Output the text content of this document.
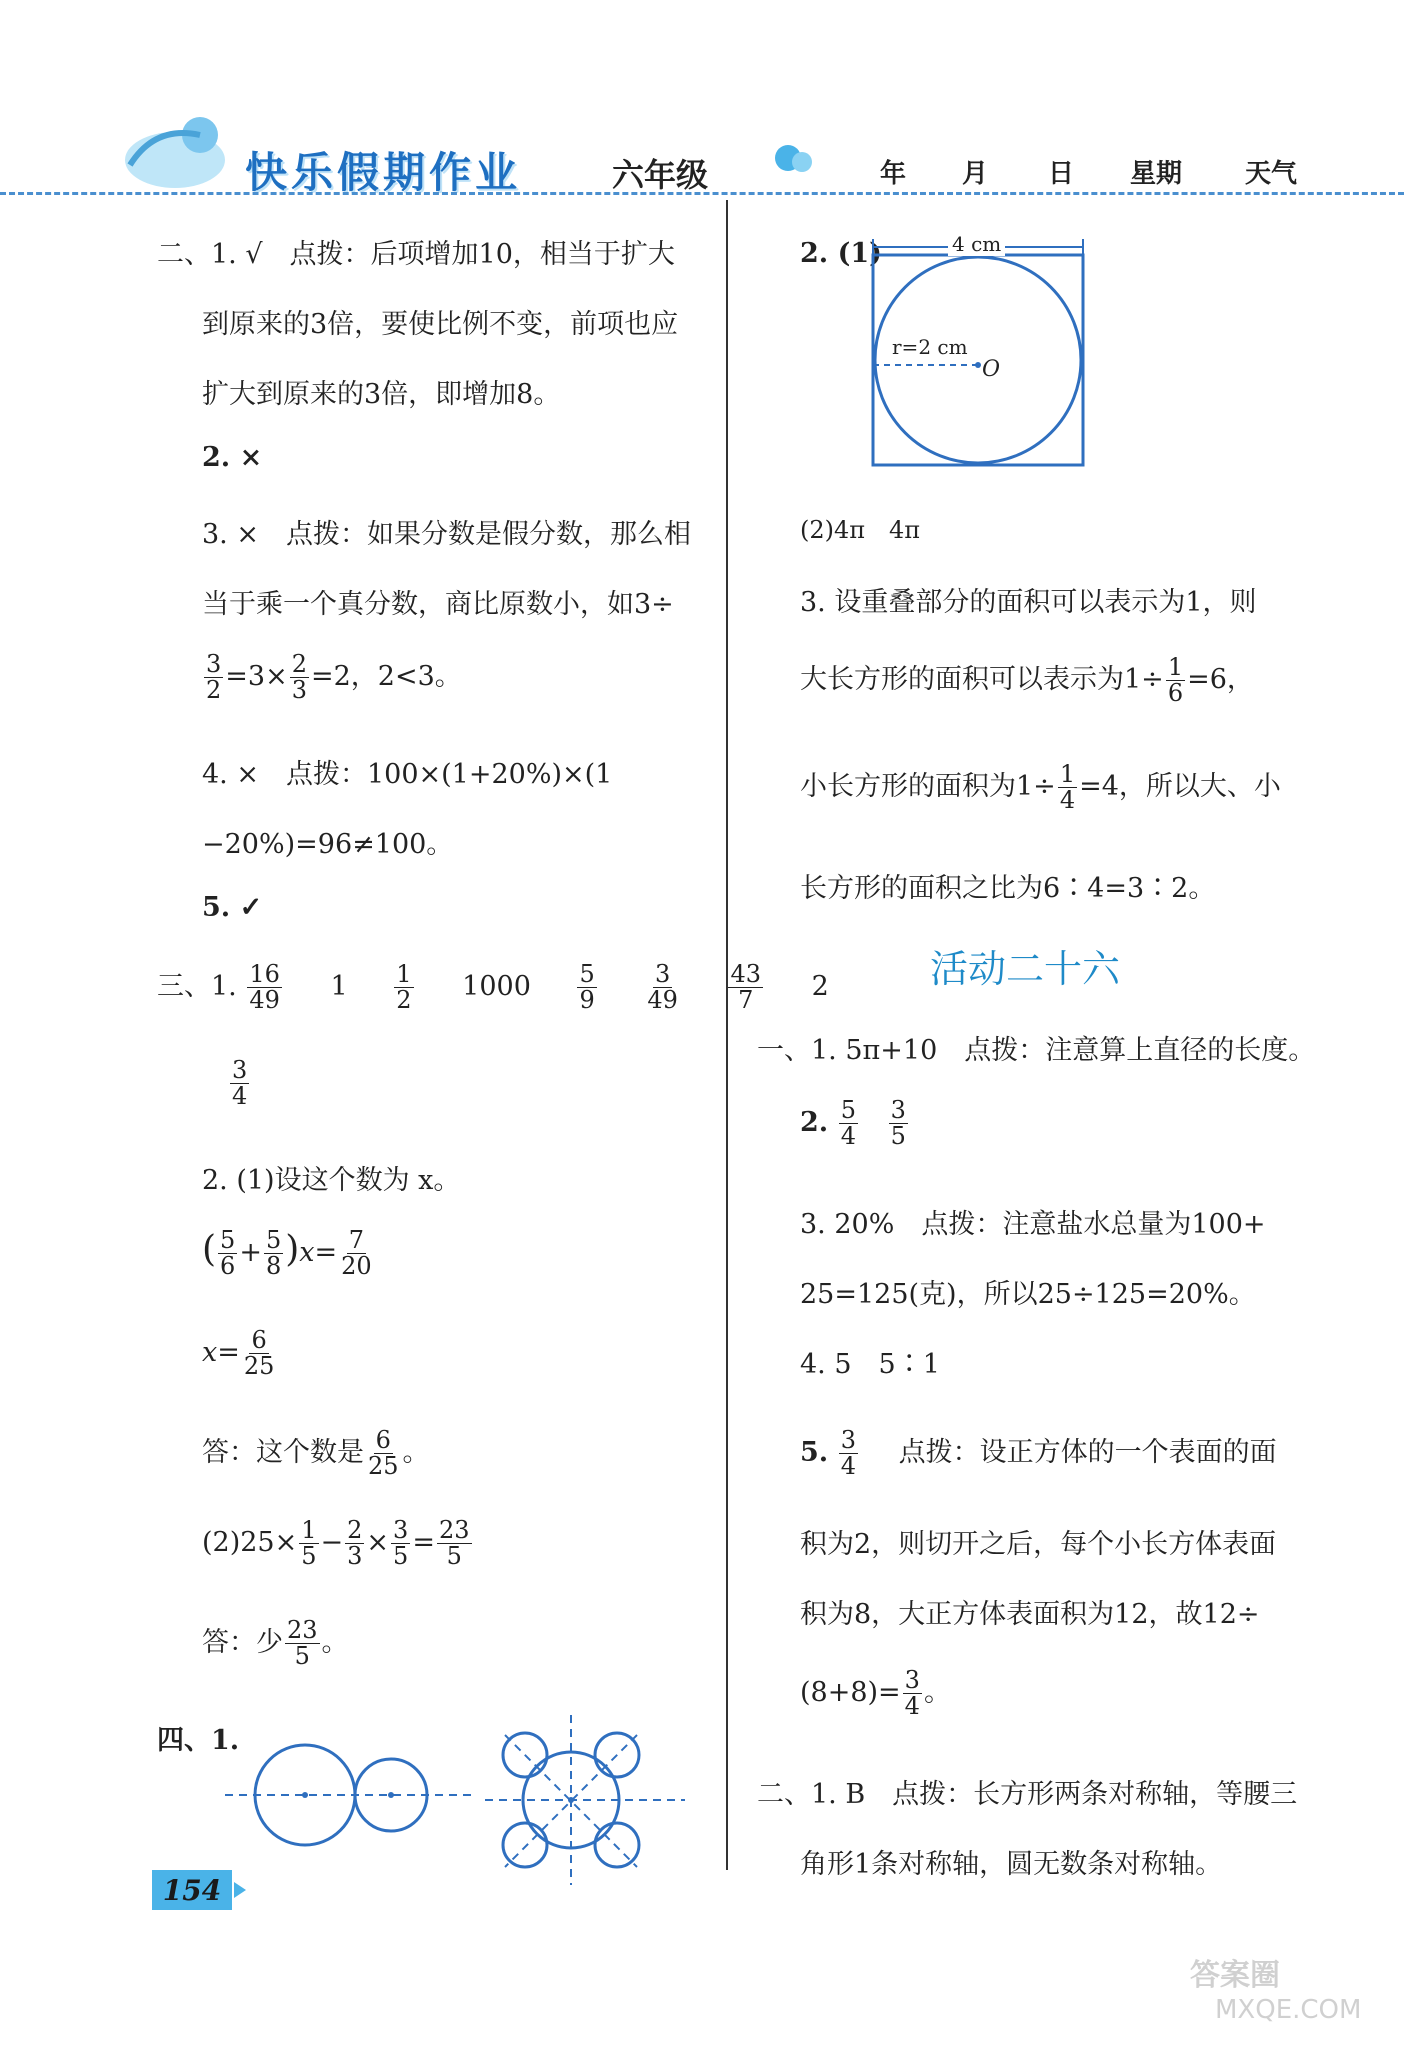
快乐假期作业	六年级	年 月 日 星期 天气
二、1. √　点拨：后项增加10，相当于扩大
到原来的3倍，要使比例不变，前项也应
扩大到原来的3倍，即增加8。
2. ×
3. ×　点拨：如果分数是假分数，那么相
当于乘一个真分数，商比原数小，如3÷
$\frac{3}{2} =3\times \frac{2}{3} =2$，2<3。
4. ×　点拨：100×(1+20%)×(1
−20%)=96≠100。
5. ✓
三、1. $\frac{16}{49} 1 \frac{1}{2} 1000 \frac{5}{9}$
$\frac{3}{49}$
$\frac{43}{7} 2$
$\frac{3}{4}$
2. (1)设这个数为 x。
( $\frac{5}{6} + \frac{5}{8} )x= \frac{7}{20}$
$x= \frac{6}{25}$
答：这个数是 $\frac{6}{25}$ 。
$(2)25\times \frac{1}{5} - \frac{2}{3} \times \frac{3}{5} = \frac{23}{5}$
答：少 $\frac{23}{5}$ 。
四、1.
2. (1)	4 cm
r=2 cm
O
(2)4π　4π
3. 设重叠部分的面积可以表示为1，则
大长方形的面积可以表示为$1\div \frac{1}{6} =6$，
小长方形的面积为$1\div \frac{1}{4} =4$，所以大、小
长方形的面积之比为6∶4=3∶2。
活动二十六
一、1. 5π+10　点拨：注意算上直径的长度。
2. $\frac{5}{4}$
$\frac{3}{5}$
3. 20%　点拨：注意盐水总量为100+
25=125(克)，所以25÷125=20%。
4. 5　5∶1
5. $\frac{3}{4}$ 点拨：设正方体的一个表面的面
积为2，则切开之后，每个小长方体表面
积为8，大正方体表面积为12，故12÷
$(8+8)= \frac{3}{4}$ 。
二、1. B　点拨：长方形两条对称轴，等腰三
角形1条对称轴，圆无数条对称轴。
154
答案圈
MXQE.COM
